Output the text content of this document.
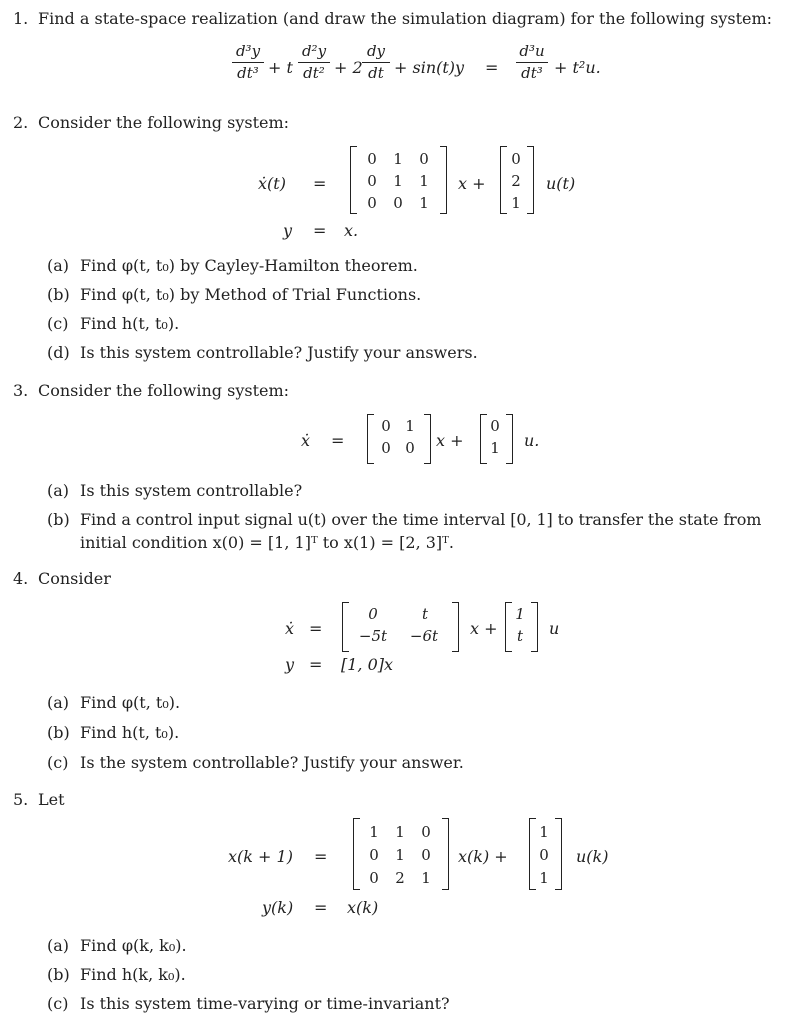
1. Find a state-space realization (and draw the simulation diagram) for the following system:
$\frac{\text{d³y}}{\text{dt³}} + t \frac{\text{d²y}}{\text{dt²}} + 2 \frac{dy}{dt} + \sin(t)y = \frac{\text{d³u}}{\text{dt³}} + t^2u$.
2. Consider the following system:
ẋ(t) =
0	1	0
0	1	1
0	0	1
x +
0
2
1
u(t)
y = x.
(a) Find φ(t, t₀) by Cayley-Hamilton theorem.
(b) Find φ(t, t₀) by Method of Trial Functions.
(c) Find h(t, t₀).
(d) Is this system controllable? Justify your answers.
3. Consider the following system:
ẋ =
0 1
0 0	x +
0
1	u.
(a) Is this system controllable?
(b) Find a control input signal u(t) over the time interval [0, 1] to transfer the state from
initial condition x(0) = [1, 1]ᵀ to x(1) = [2, 3]ᵀ.
4. Consider
ẋ =
0	t
−5t	−6t	x +
1
t	u
y = [1, 0]x
(a) Find φ(t, t₀).
(b) Find h(t, t₀).
(c) Is the system controllable? Justify your answer.
5. Let
x(k + 1) =
1	1	0
0	1	0
0	2	1
x(k) +
1
0
1
u(k)
y(k) = x(k)
(a) Find φ(k, k₀).
(b) Find h(k, k₀).
(c) Is this system time-varying or time-invariant?
